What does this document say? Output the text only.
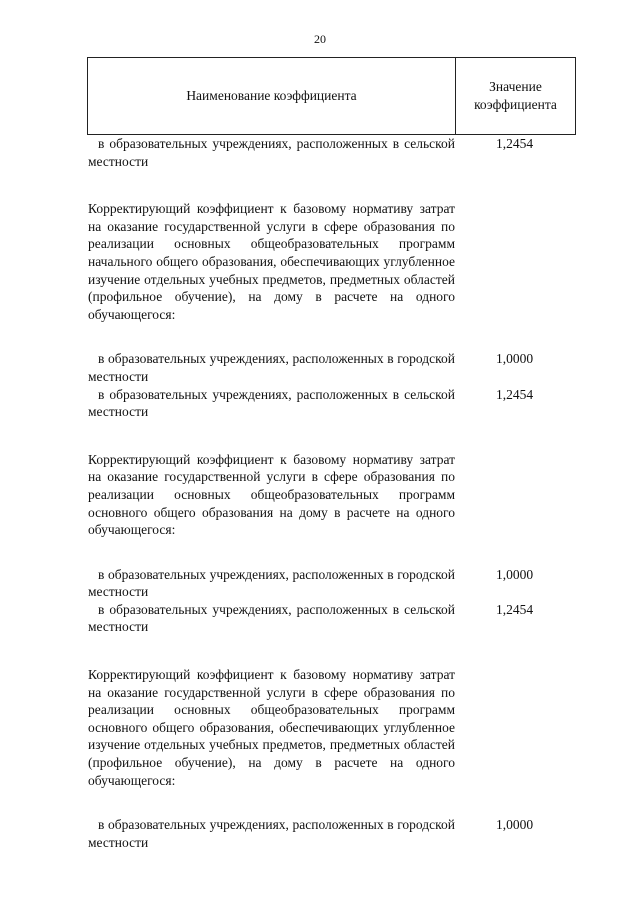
20
Наименование коэффициента
Значение
коэффициента
в образовательных учреждениях, расположенных в сельской местности
1,2454
Корректирующий коэффициент к базовому нормативу затрат на оказание государственной услуги в сфере образования по реализации основных общеобразовательных программ начального общего образования, обеспечивающих углубленное изучение отдельных учебных предметов, предметных областей (профильное обучение), на дому в расчете на одного обучающегося:
в образовательных учреждениях, расположенных в городской местности
1,0000
в образовательных учреждениях, расположенных в сельской местности
1,2454
Корректирующий коэффициент к базовому нормативу затрат на оказание государственной услуги в сфере образования по реализации основных общеобразовательных программ основного общего образования на дому в расчете на одного обучающегося:
в образовательных учреждениях, расположенных в городской местности
1,0000
в образовательных учреждениях, расположенных в сельской местности
1,2454
Корректирующий коэффициент к базовому нормативу затрат на оказание государственной услуги в сфере образования по реализации основных общеобразовательных программ основного общего образования, обеспечивающих углубленное изучение отдельных учебных предметов, предметных областей (профильное обучение), на дому в расчете на одного обучающегося:
в образовательных учреждениях, расположенных в городской местности
1,0000
